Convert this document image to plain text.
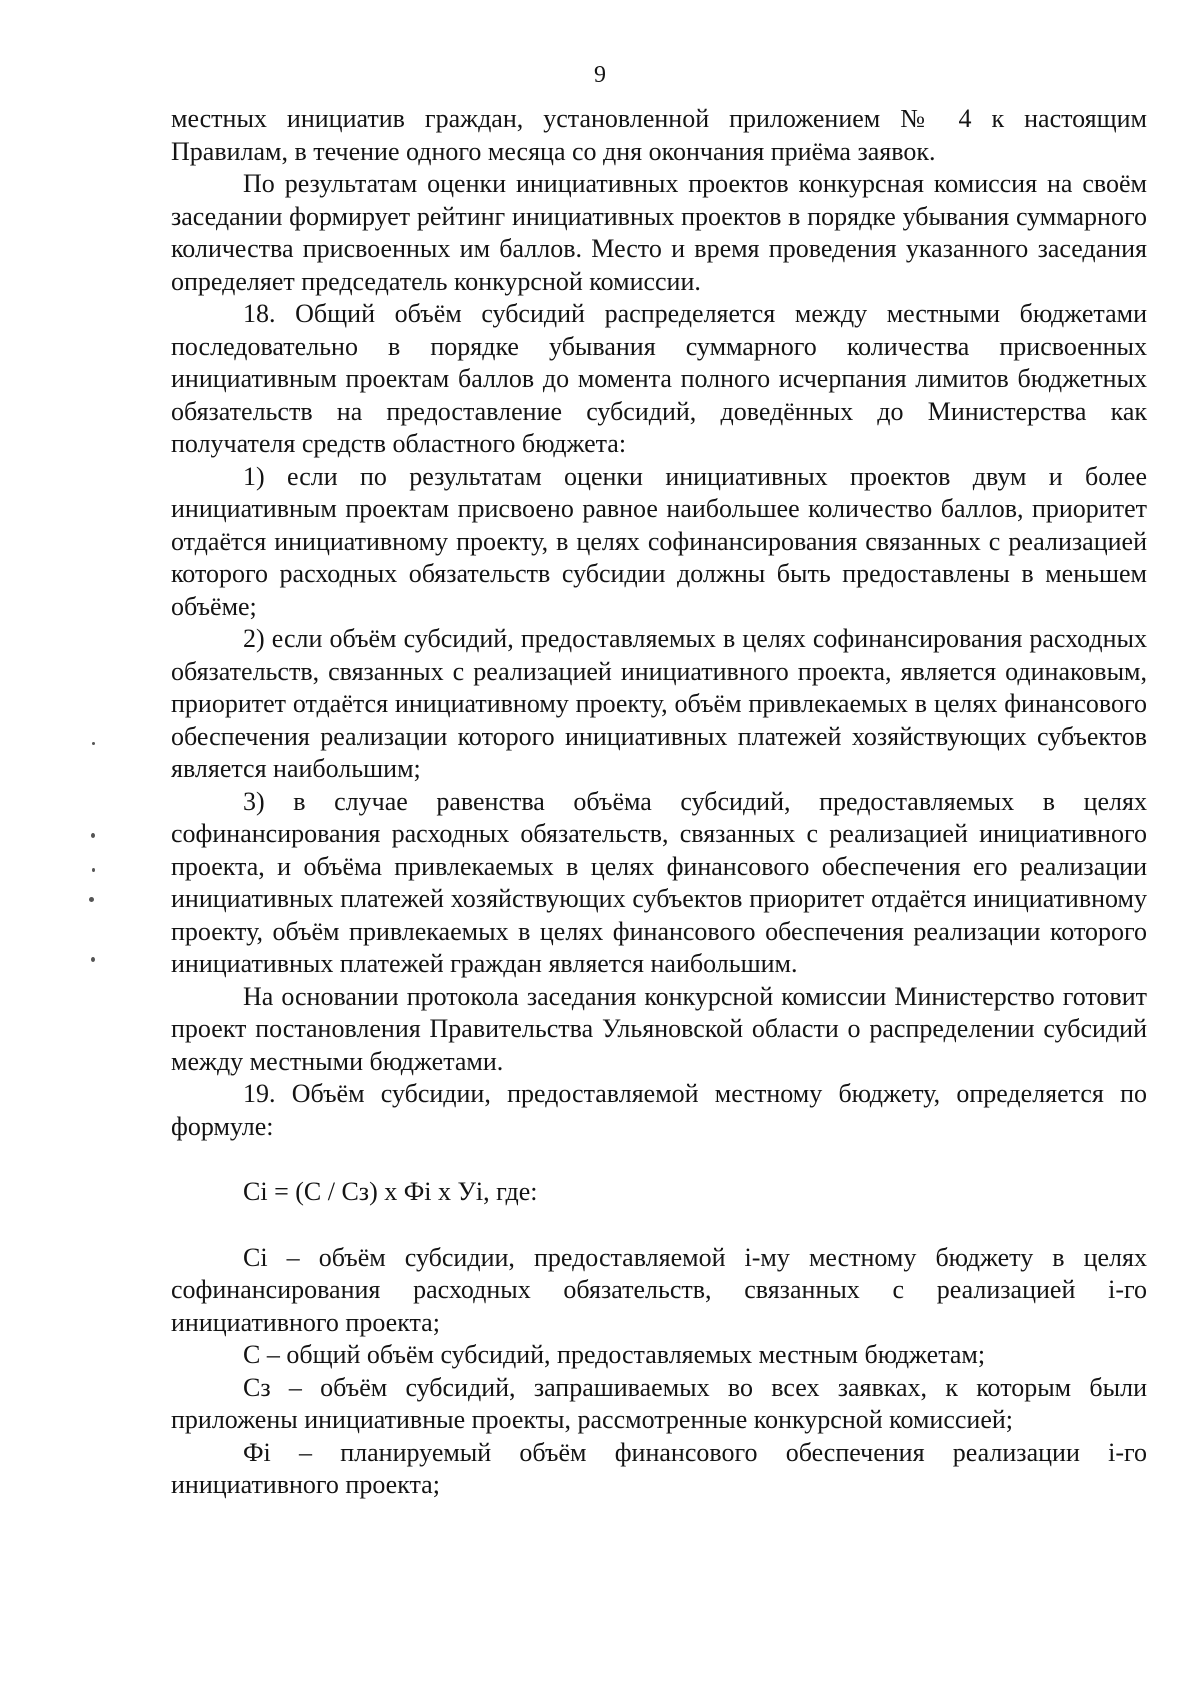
9

местных инициатив граждан, установленной приложением № 4 к настоящим Правилам, в течение одного месяца со дня окончания приёма заявок.

По результатам оценки инициативных проектов конкурсная комиссия на своём заседании формирует рейтинг инициативных проектов в порядке убывания суммарного количества присвоенных им баллов. Место и время проведения указанного заседания определяет председатель конкурсной комиссии.

18. Общий объём субсидий распределяется между местными бюджетами последовательно в порядке убывания суммарного количества присвоенных инициативным проектам баллов до момента полного исчерпания лимитов бюджетных обязательств на предоставление субсидий, доведённых до Министерства как получателя средств областного бюджета:

1) если по результатам оценки инициативных проектов двум и более инициативным проектам присвоено равное наибольшее количество баллов, приоритет отдаётся инициативному проекту, в целях софинансирования связанных с реализацией которого расходных обязательств субсидии должны быть предоставлены в меньшем объёме;

2) если объём субсидий, предоставляемых в целях софинансирования расходных обязательств, связанных с реализацией инициативного проекта, является одинаковым, приоритет отдаётся инициативному проекту, объём привлекаемых в целях финансового обеспечения реализации которого инициативных платежей хозяйствующих субъектов является наибольшим;

3) в случае равенства объёма субсидий, предоставляемых в целях софинансирования расходных обязательств, связанных с реализацией инициативного проекта, и объёма привлекаемых в целях финансового обеспечения его реализации инициативных платежей хозяйствующих субъектов приоритет отдаётся инициативному проекту, объём привлекаемых в целях финансового обеспечения реализации которого инициативных платежей граждан является наибольшим.

На основании протокола заседания конкурсной комиссии Министерство готовит проект постановления Правительства Ульяновской области о распределении субсидий между местными бюджетами.

19. Объём субсидии, предоставляемой местному бюджету, определяется по формуле:

Ci = (С / Сз) х Фi х Уi, где:

Ci – объём субсидии, предоставляемой i-му местному бюджету в целях софинансирования расходных обязательств, связанных с реализацией i-го инициативного проекта;

С – общий объём субсидий, предоставляемых местным бюджетам;

Сз – объём субсидий, запрашиваемых во всех заявках, к которым были приложены инициативные проекты, рассмотренные конкурсной комиссией;

Фi – планируемый объём финансового обеспечения реализации i-го инициативного проекта;
